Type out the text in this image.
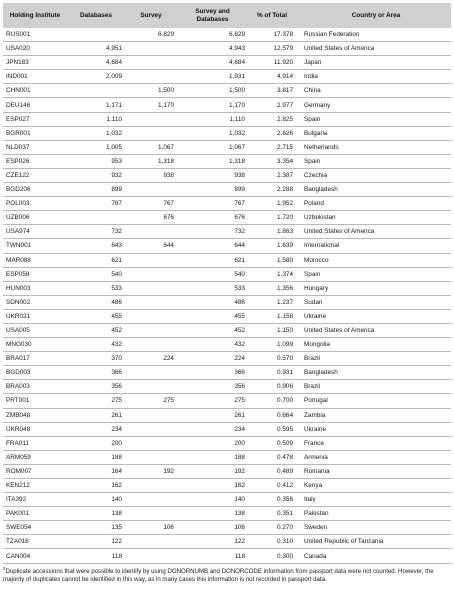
Holding Institute	Databases	Survey	Survey and Databases	% of Total	Country or Area
RUS001		6,829	6,829	17.378	Russian Federation
USA020	4,951		4,943	12.579	United States of America
JPN183	4,684		4,684	11.920	Japan
IND001	2,009		1,931	4.914	India
CHN001		1,500	1,500	3.817	China
DEU146	1,171	1,170	1,170	2.977	Germany
ESP027	1,110		1,110	2.825	Spain
BGR001	1,032		1,032	2.626	Bulgaria
NLD037	1,005	1,067	1,067	2.715	Netherlands
ESP026	953	1,318	1,318	3.354	Spain
CZE122	932	938	938	2.387	Czechia
BGD206	899		899	2.288	Bangladesh
POL003	767	767	767	1.952	Poland
UZB006		676	676	1.720	Uzbekistan
USA974	732		732	1.863	United States of America
TWN001	643	644	644	1.639	International
MAR088	621		621	1.580	Morocco
ESP058	540		540	1.374	Spain
HUN003	533		533	1.356	Hungary
SDN002	486		486	1.237	Sudan
UKR021	455		455	1.158	Ukraine
USA005	452		452	1.150	United States of America
MNG030	432		432	1.099	Mongolia
BRA017	370	224	224	0.570	Brazil
BGD003	366		366	0.931	Bangladesh
BRA003	356		356	0.906	Brazil
PRT001	275	275	275	0.700	Portugal
ZMB048	261		261	0.664	Zambia
UKR048	234		234	0.595	Ukraine
FRA011	200		200	0.509	France
ARM059	188		188	0.478	Armenia
ROM007	164	192	192	0.489	Romania
KEN212	162		162	0.412	Kenya
ITA392	140		140	0.356	Italy
PAK001	138		138	0.351	Pakistan
SWE054	135	106	106	0.270	Sweden
TZA016	122		122	0.310	United Republic of Tanzania
CAN004	118		118	0.300	Canada
$^2$Duplicate accessions that were possible to identify by using DONORNUMB and DONORCODE information from passport data were not counted. However, the majority of duplicates cannot be identified in this way, as in many cases this information is not recorded in passport data.
